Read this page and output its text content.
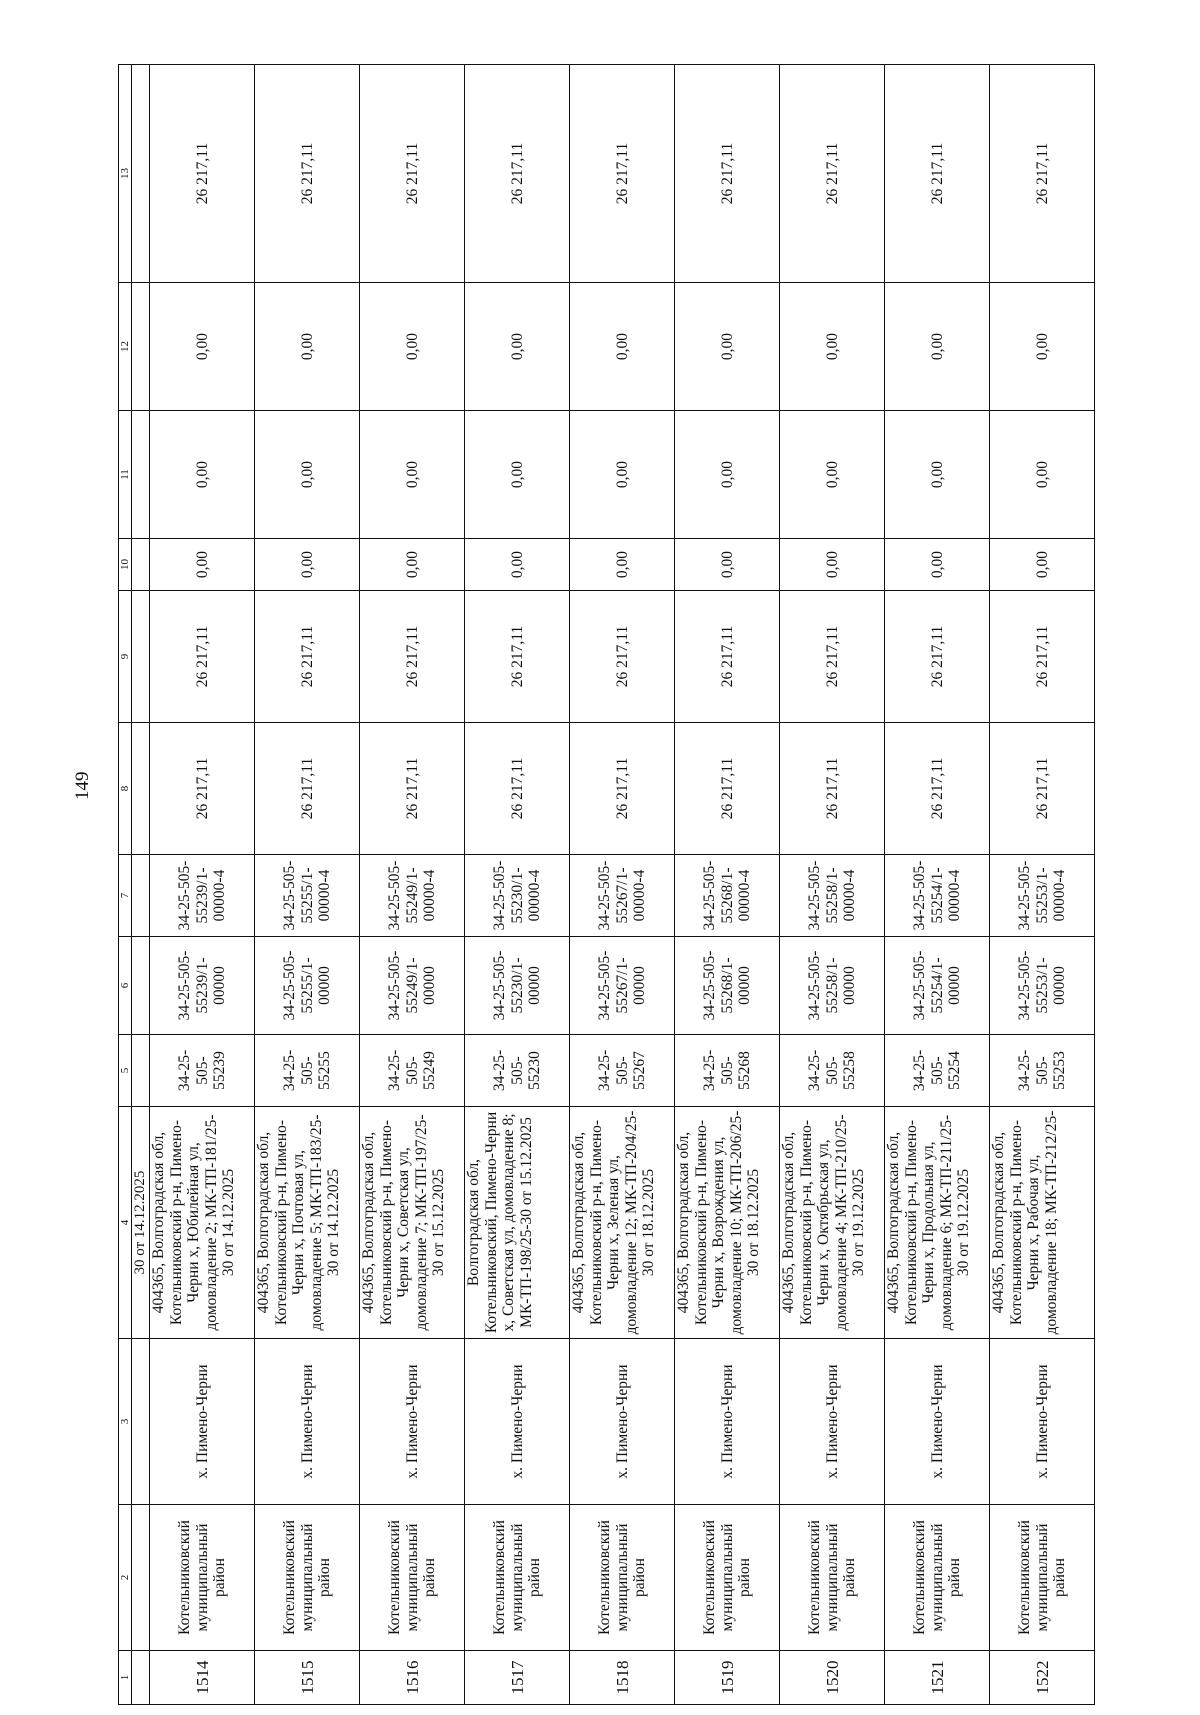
149
1	2	3	4	5	6	7	8	9	10	11	12	13
			30 от 14.12.2025									
1514	Котельниковский муниципальный район	х. Пимено-Черни	404365, Волгоградская обл, Котельниковский р-н, Пимено-Черни х, Юбилейная ул, домовладение 2; МК-ТП-181/25-30 от 14.12.2025	34-25-505-55239	34-25-505-55239/1-00000	34-25-505-55239/1-00000-4	26 217,11	26 217,11	0,00	0,00	0,00	26 217,11
1515	Котельниковский муниципальный район	х. Пимено-Черни	404365, Волгоградская обл, Котельниковский р-н, Пимено-Черни х, Почтовая ул, домовладение 5; МК-ТП-183/25-30 от 14.12.2025	34-25-505-55255	34-25-505-55255/1-00000	34-25-505-55255/1-00000-4	26 217,11	26 217,11	0,00	0,00	0,00	26 217,11
1516	Котельниковский муниципальный район	х. Пимено-Черни	404365, Волгоградская обл, Котельниковский р-н, Пимено-Черни х, Советская ул, домовладение 7; МК-ТП-197/25-30 от 15.12.2025	34-25-505-55249	34-25-505-55249/1-00000	34-25-505-55249/1-00000-4	26 217,11	26 217,11	0,00	0,00	0,00	26 217,11
1517	Котельниковский муниципальный район	х. Пимено-Черни	Волгоградская обл, Котельниковский, Пимено-Черни х, Советская ул, домовладение 8; МК-ТП-198/25-30 от 15.12.2025	34-25-505-55230	34-25-505-55230/1-00000	34-25-505-55230/1-00000-4	26 217,11	26 217,11	0,00	0,00	0,00	26 217,11
1518	Котельниковский муниципальный район	х. Пимено-Черни	404365, Волгоградская обл, Котельниковский р-н, Пимено-Черни х, Зеленая ул, домовладение 12; МК-ТП-204/25-30 от 18.12.2025	34-25-505-55267	34-25-505-55267/1-00000	34-25-505-55267/1-00000-4	26 217,11	26 217,11	0,00	0,00	0,00	26 217,11
1519	Котельниковский муниципальный район	х. Пимено-Черни	404365, Волгоградская обл, Котельниковский р-н, Пимено-Черни х, Возрождения ул, домовладение 10; МК-ТП-206/25-30 от 18.12.2025	34-25-505-55268	34-25-505-55268/1-00000	34-25-505-55268/1-00000-4	26 217,11	26 217,11	0,00	0,00	0,00	26 217,11
1520	Котельниковский муниципальный район	х. Пимено-Черни	404365, Волгоградская обл, Котельниковский р-н, Пимено-Черни х, Октябрьская ул, домовладение 4; МК-ТП-210/25-30 от 19.12.2025	34-25-505-55258	34-25-505-55258/1-00000	34-25-505-55258/1-00000-4	26 217,11	26 217,11	0,00	0,00	0,00	26 217,11
1521	Котельниковский муниципальный район	х. Пимено-Черни	404365, Волгоградская обл, Котельниковский р-н, Пимено-Черни х, Продольная ул, домовладение 6; МК-ТП-211/25-30 от 19.12.2025	34-25-505-55254	34-25-505-55254/1-00000	34-25-505-55254/1-00000-4	26 217,11	26 217,11	0,00	0,00	0,00	26 217,11
1522	Котельниковский муниципальный район	х. Пимено-Черни	404365, Волгоградская обл, Котельниковский р-н, Пимено-Черни х, Рабочая ул, домовладение 18; МК-ТП-212/25-	34-25-505-55253	34-25-505-55253/1-00000	34-25-505-55253/1-00000-4	26 217,11	26 217,11	0,00	0,00	0,00	26 217,11
